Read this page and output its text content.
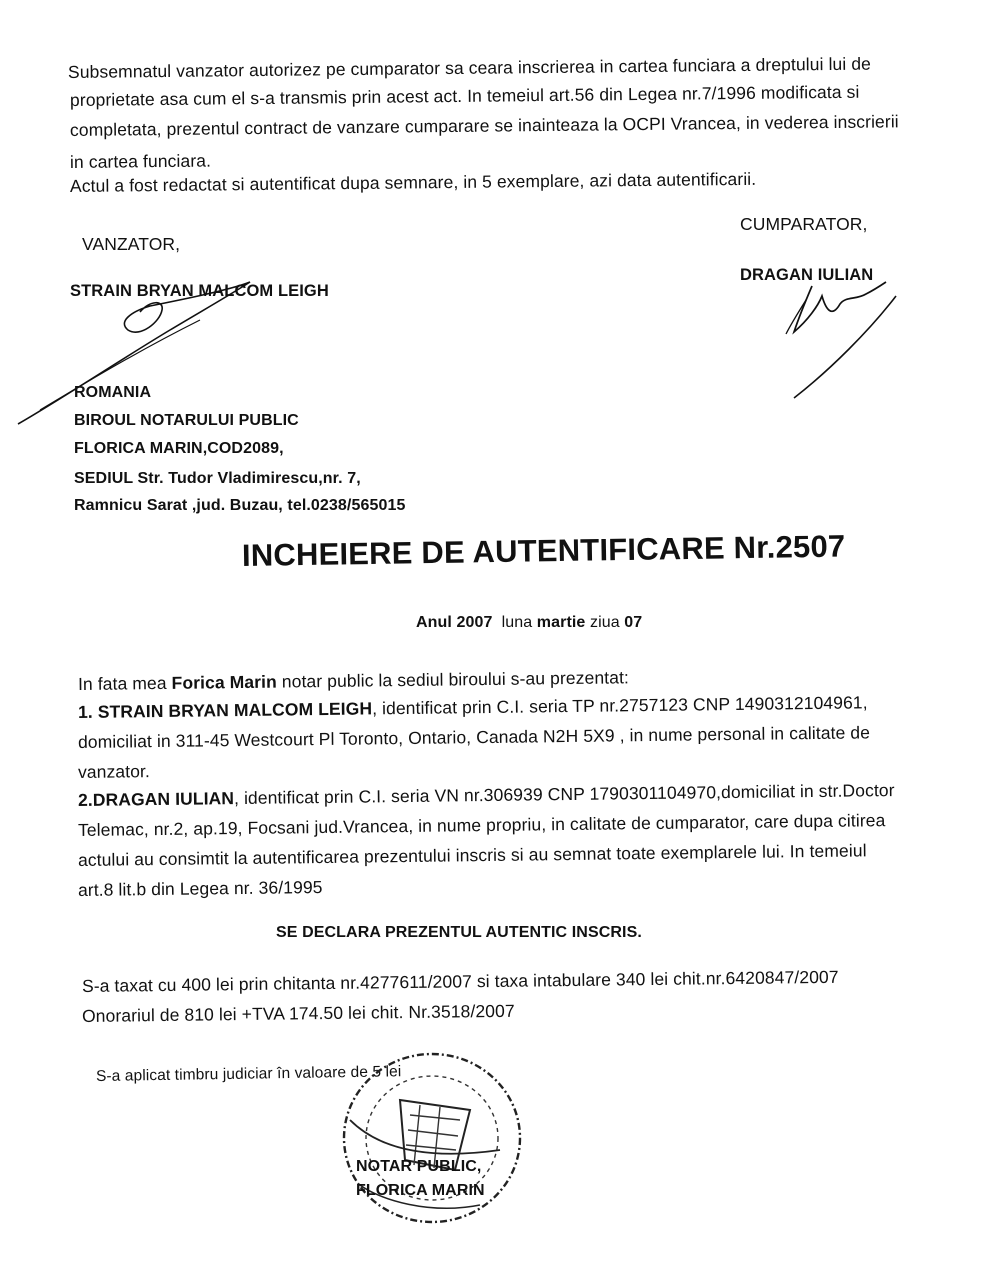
Subsemnatul vanzator autorizez pe cumparator sa ceara inscrierea in cartea funciara a dreptului lui de
proprietate asa cum el s-a transmis prin acest act. In temeiul art.56 din Legea nr.7/1996 modificata si
completata, prezentul contract de vanzare cumparare se inainteaza la OCPI Vrancea, in vederea inscrierii
in cartea funciara.
Actul a fost redactat si autentificat dupa semnare, in 5 exemplare, azi data autentificarii.
CUMPARATOR,
VANZATOR,
STRAIN BRYAN MALCOM LEIGH
DRAGAN IULIAN
ROMANIA
BIROUL NOTARULUI PUBLIC
FLORICA MARIN,COD2089,
SEDIUL Str. Tudor Vladimirescu,nr. 7,
Ramnicu Sarat ,jud. Buzau, tel.0238/565015
INCHEIERE DE AUTENTIFICARE Nr.2507
Anul 2007 luna martie ziua 07
In fata mea Forica Marin notar public la sediul biroului s-au prezentat:
1. STRAIN BRYAN MALCOM LEIGH, identificat prin C.I. seria TP nr.2757123 CNP 1490312104961,
domiciliat in 311-45 Westcourt Pl Toronto, Ontario, Canada N2H 5X9 , in nume personal in calitate de
vanzator.
2.DRAGAN IULIAN, identificat prin C.I. seria VN nr.306939 CNP 1790301104970,domiciliat in str.Doctor
Telemac, nr.2, ap.19, Focsani jud.Vrancea, in nume propriu, in calitate de cumparator, care dupa citirea
actului au consimtit la autentificarea prezentului inscris si au semnat toate exemplarele lui. In temeiul
art.8 lit.b din Legea nr. 36/1995
SE DECLARA PREZENTUL AUTENTIC INSCRIS.
S-a taxat cu 400 lei prin chitanta nr.4277611/2007 si taxa intabulare 340 lei chit.nr.6420847/2007
Onorariul de 810 lei +TVA 174.50 lei chit. Nr.3518/2007
S-a aplicat timbru judiciar în valoare de 5 lei
NOTAR PUBLIC,
FLORICA MARIN
